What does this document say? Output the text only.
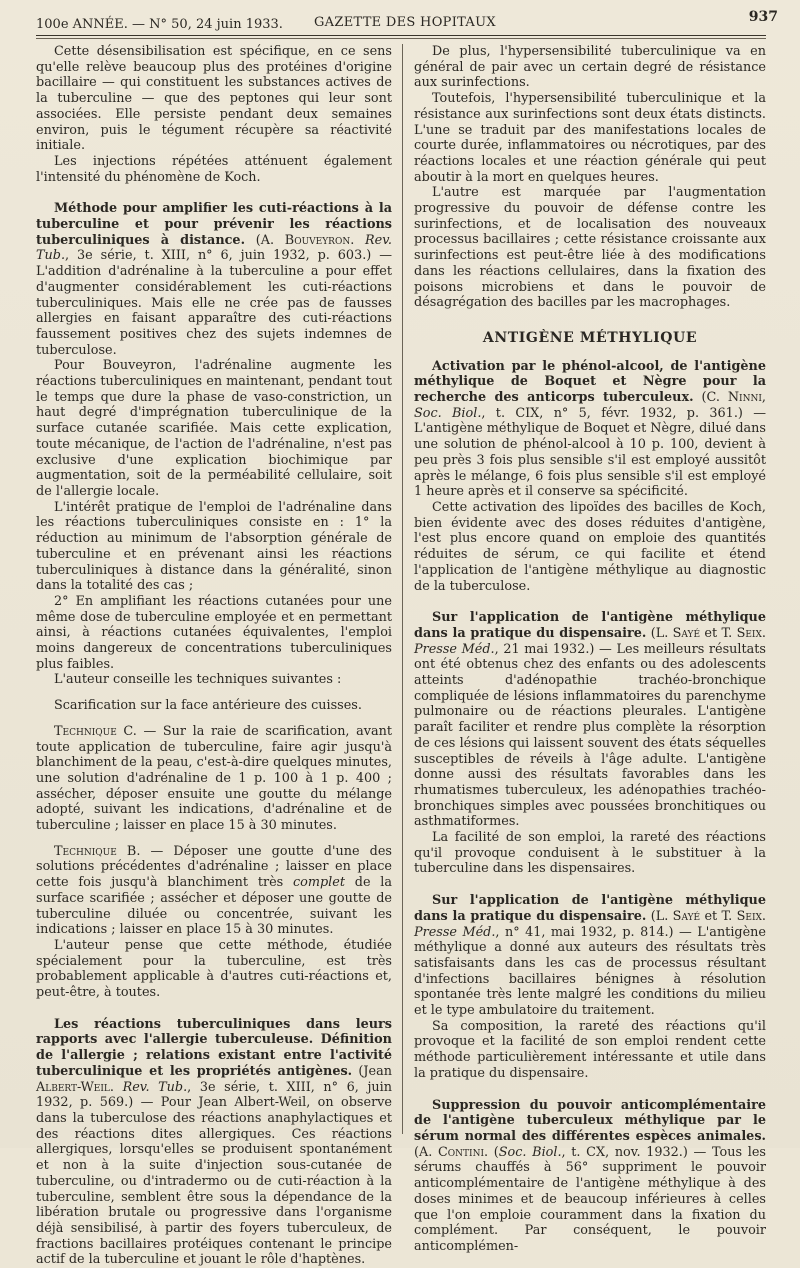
100e ANNÉE. — N° 50, 24 juin 1933. GAZETTE DES HOPITAUX	937

Cette désensibilisation est spécifique, en ce sens qu'elle relève beaucoup plus des protéines d'origine bacillaire — qui constituent les substances actives de la tuberculine — que des peptones qui leur sont associées. Elle persiste pendant deux semaines environ, puis le tégument récupère sa réactivité initiale.

Les injections répétées atténuent également l'intensité du phénomène de Koch.

Méthode pour amplifier les cuti-réactions à la tuberculine et pour prévenir les réactions tuberculiniques à distance. (A. Bouveyron. Rev. Tub., 3e série, t. XIII, n° 6, juin 1932, p. 603.) — L'addition d'adrénaline à la tuberculine a pour effet d'augmenter considérablement les cuti-réactions tuberculiniques. Mais elle ne crée pas de fausses allergies en faisant apparaître des cuti-réactions faussement positives chez des sujets indemnes de tuberculose.

Pour Bouveyron, l'adrénaline augmente les réactions tuberculiniques en maintenant, pendant tout le temps que dure la phase de vaso-constriction, un haut degré d'imprégnation tuberculinique de la surface cutanée scarifiée. Mais cette explication, toute mécanique, de l'action de l'adrénaline, n'est pas exclusive d'une explication biochimique par augmentation, soit de la perméabilité cellulaire, soit de l'allergie locale.

L'intérêt pratique de l'emploi de l'adrénaline dans les réactions tuberculiniques consiste en : 1° la réduction au minimum de l'absorption générale de tuberculine et en prévenant ainsi les réactions tuberculiniques à distance dans la généralité, sinon dans la totalité des cas ;

2° En amplifiant les réactions cutanées pour une même dose de tuberculine employée et en permettant ainsi, à réactions cutanées équivalentes, l'emploi moins dangereux de concentrations tuberculiniques plus faibles.

L'auteur conseille les techniques suivantes :

Scarification sur la face antérieure des cuisses.

Technique C. — Sur la raie de scarification, avant toute application de tuberculine, faire agir jusqu'à blanchiment de la peau, c'est-à-dire quelques minutes, une solution d'adrénaline de 1 p. 100 à 1 p. 400 ; assécher, déposer ensuite une goutte du mélange adopté, suivant les indications, d'adrénaline et de tuberculine ; laisser en place 15 à 30 minutes.

Technique B. — Déposer une goutte d'une des solutions précédentes d'adrénaline ; laisser en place cette fois jusqu'à blanchiment très complet de la surface scarifiée ; assécher et déposer une goutte de tuberculine diluée ou concentrée, suivant les indications ; laisser en place 15 à 30 minutes.

L'auteur pense que cette méthode, étudiée spécialement pour la tuberculine, est très probablement applicable à d'autres cuti-réactions et, peut-être, à toutes.

Les réactions tuberculiniques dans leurs rapports avec l'allergie tuberculeuse. Définition de l'allergie ; relations existant entre l'activité tuberculinique et les propriétés antigènes. (Jean Albert-Weil. Rev. Tub., 3e série, t. XIII, n° 6, juin 1932, p. 569.) — Pour Jean Albert-Weil, on observe dans la tuberculose des réactions anaphylactiques et des réactions dites allergiques. Ces réactions allergiques, lorsqu'elles se produisent spontanément et non à la suite d'injection sous-cutanée de tuberculine, ou d'intradermo ou de cuti-réaction à la tuberculine, semblent être sous la dépendance de la libération brutale ou progressive dans l'organisme déjà sensibilisé, à partir des foyers tuberculeux, de fractions bacillaires protéiques contenant le principe actif de la tuberculine et jouant le rôle d'haptènes.

De plus, l'hypersensibilité tuberculinique va en général de pair avec un certain degré de résistance aux surinfections.

Toutefois, l'hypersensibilité tuberculinique et la résistance aux surinfections sont deux états distincts. L'une se traduit par des manifestations locales de courte durée, inflammatoires ou nécrotiques, par des réactions locales et une réaction générale qui peut aboutir à la mort en quelques heures.

L'autre est marquée par l'augmentation progressive du pouvoir de défense contre les surinfections, et de localisation des nouveaux processus bacillaires ; cette résistance croissante aux surinfections est peut-être liée à des modifications dans les réactions cellulaires, dans la fixation des poisons microbiens et dans le pouvoir de désagrégation des bacilles par les macrophages.

ANTIGÈNE MÉTHYLIQUE

Activation par le phénol-alcool, de l'antigène méthylique de Boquet et Nègre pour la recherche des anticorps tuberculeux. (C. Ninni, Soc. Biol., t. CIX, n° 5, févr. 1932, p. 361.) — L'antigène méthylique de Boquet et Nègre, dilué dans une solution de phénol-alcool à 10 p. 100, devient à peu près 3 fois plus sensible s'il est employé aussitôt après le mélange, 6 fois plus sensible s'il est employé 1 heure après et il conserve sa spécificité.

Cette activation des lipoïdes des bacilles de Koch, bien évidente avec des doses réduites d'antigène, l'est plus encore quand on emploie des quantités réduites de sérum, ce qui facilite et étend l'application de l'antigène méthylique au diagnostic de la tuberculose.

Sur l'application de l'antigène méthylique dans la pratique du dispensaire. (L. Sayé et T. Seix. Presse Méd., 21 mai 1932.) — Les meilleurs résultats ont été obtenus chez des enfants ou des adolescents atteints d'adénopathie trachéo-bronchique compliquée de lésions inflammatoires du parenchyme pulmonaire ou de réactions pleurales. L'antigène paraît faciliter et rendre plus complète la résorption de ces lésions qui laissent souvent des états séquelles susceptibles de réveils à l'âge adulte. L'antigène donne aussi des résultats favorables dans les rhumatismes tuberculeux, les adénopathies trachéo-bronchiques simples avec poussées bronchitiques ou asthmatiformes.

La facilité de son emploi, la rareté des réactions qu'il provoque conduisent à le substituer à la tuberculine dans les dispensaires.

Sur l'application de l'antigène méthylique dans la pratique du dispensaire. (L. Sayé et T. Seix. Presse Méd., n° 41, mai 1932, p. 814.) — L'antigène méthylique a donné aux auteurs des résultats très satisfaisants dans les cas de processus résultant d'infections bacillaires bénignes à résolution spontanée très lente malgré les conditions du milieu et le type ambulatoire du traitement.

Sa composition, la rareté des réactions qu'il provoque et la facilité de son emploi rendent cette méthode particulièrement intéressante et utile dans la pratique du dispensaire.

Suppression du pouvoir anticomplémentaire de l'antigène tuberculeux méthylique par le sérum normal des différentes espèces animales. (A. Contini. (Soc. Biol., t. CX, nov. 1932.) — Tous les sérums chauffés à 56° suppriment le pouvoir anticomplémentaire de l'antigène méthylique à des doses minimes et de beaucoup inférieures à celles que l'on emploie couramment dans la fixation du complément. Par conséquent, le pouvoir anticomplémen-
